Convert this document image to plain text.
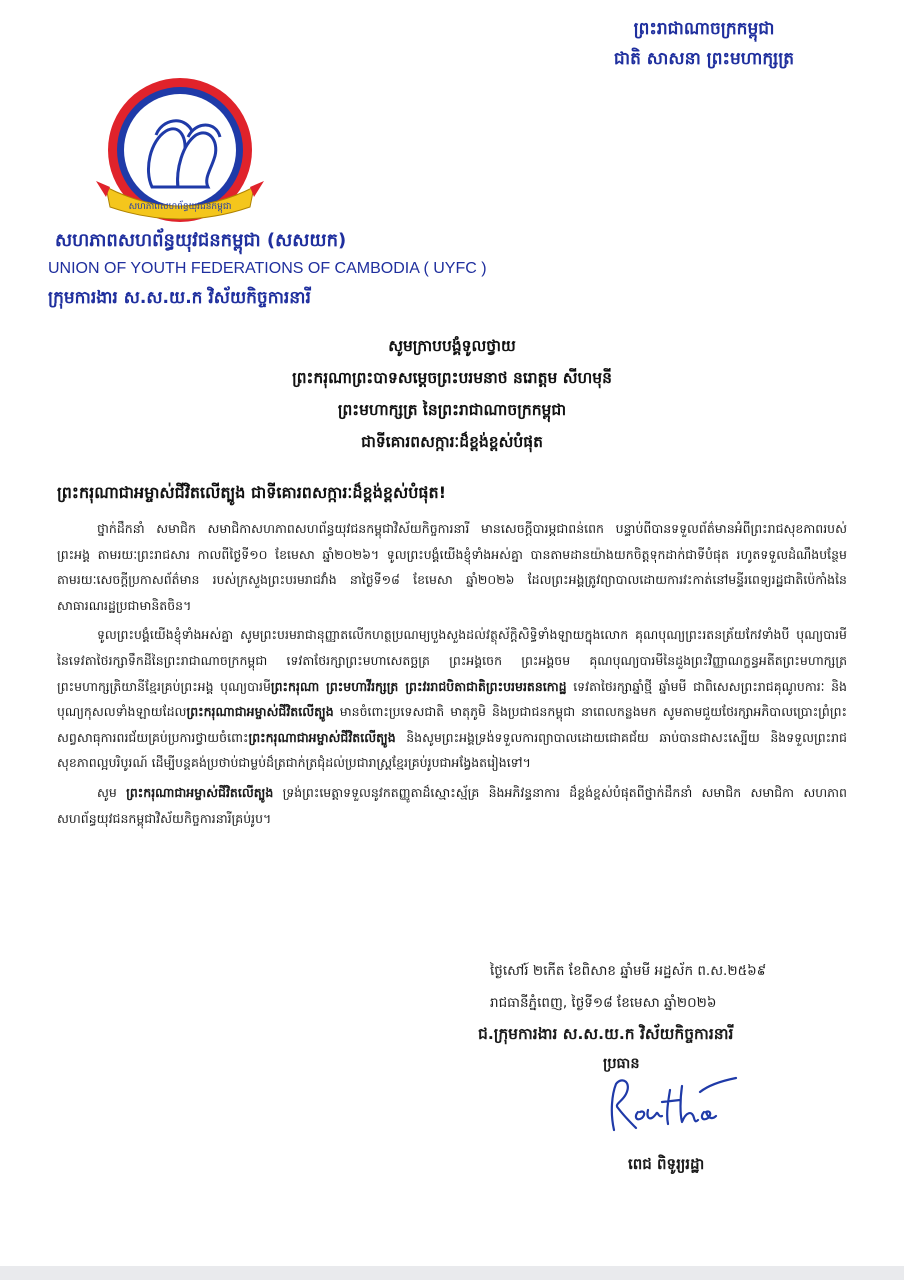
ព្រះរាជាណាចក្រកម្ពុជា
ជាតិ សាសនា ព្រះមហាក្សត្រ
សហភាពសហព័ន្ធយុវជនកម្ពុជា
សហភាពសហព័ន្ធយុវជនកម្ពុជា (សសយក)
UNION OF YOUTH FEDERATIONS OF CAMBODIA ( UYFC )
ក្រុមការងារ ស.ស.យ.ក វិស័យកិច្ចការនារី
សូមក្រាបបង្គំទូលថ្វាយ
ព្រះករុណាព្រះបាទសម្តេចព្រះបរមនាថ នរោត្តម សីហមុនី
ព្រះមហាក្សត្រ នៃព្រះរាជាណាចក្រកម្ពុជា
ជាទីគោរពសក្ការៈដ៏ខ្ពង់ខ្ពស់បំផុត
ព្រះករុណាជាអម្ចាស់ជីវិតលើត្បូង ជាទីគោរពសក្ការៈដ៏ខ្ពង់ខ្ពស់បំផុត!

ថ្នាក់ដឹកនាំ សមាជិក សមាជិកាសហភាពសហព័ន្ធយុវជនកម្ពុជាវិស័យកិច្ចការនារី មានសេចក្តីបារម្ភជាពន់ពេក បន្ទាប់ពីបានទទួលព័ត៌មានអំពីព្រះរាជសុខភាពរបស់ព្រះអង្គ តាមរយៈព្រះរាជសារ កាលពីថ្ងៃទី១០ ខែមេសា ឆ្នាំ២០២៦។ ទូលព្រះបង្គំយើងខ្ញុំទាំងអស់គ្នា បានតាមដានយ៉ាងយកចិត្តទុកដាក់ជាទីបំផុត រហូតទទួលដំណឹងបន្ថែម តាមរយៈសេចក្តីប្រកាសព័ត៌មាន របស់ក្រសួងព្រះបរមរាជវាំង នាថ្ងៃទី១៨ ខែមេសា ឆ្នាំ២០២៦ ដែលព្រះអង្គត្រូវព្យាបាលដោយការវះកាត់នៅមន្ទីរពេទ្យរដ្ឋជាតិប៉េកាំងនៃសាធារណរដ្ឋប្រជាមានិតចិន។

ទូលព្រះបង្គំយើងខ្ញុំទាំងអស់គ្នា សូមព្រះបរមរាជានុញ្ញាតលើកហត្ថប្រណម្យបួងសួងដល់វត្ថុស័ក្តិសិទ្ធិទាំងឡាយក្នុងលោក គុណបុណ្យព្រះរតនត្រ័យកែវទាំងបី បុណ្យបារមីនៃទេវតាថៃរក្សាទឹកដីនៃព្រះរាជាណាចក្រកម្ពុជា ទេវតាថែរក្សាព្រះមហាសេតច្ឆត្រ ព្រះអង្គចេក ព្រះអង្គចម គុណបុណ្យបារមីនៃដួងព្រះវិញ្ញាណក្ខន្ធអតីតព្រះមហាក្សត្រ ព្រះមហាក្សត្រិយានីខ្មែរគ្រប់ព្រះអង្គ បុណ្យបារមីព្រះករុណា ព្រះមហាវីរក្សត្រ ព្រះវររាជបិតាជាតិព្រះបរមរតនកោដ្ឋ ទេវតាថៃរក្សាឆ្នាំថ្មី ឆ្នាំមមី ជាពិសេសព្រះរាជគុណូបការៈ និងបុណ្យកុសលទាំងឡាយដែលព្រះករុណាជាអម្ចាស់ជីវិតលើត្បូង មានចំពោះប្រទេសជាតិ មាតុភូមិ និងប្រជាជនកម្ពុជា នាពេលកន្លងមក សូមតាមជួយថែរក្សាអភិបាលប្រោះព្រំព្រះសព្វសាធុការពរជ័យគ្រប់ប្រការថ្វាយចំពោះព្រះករុណាជាអម្ចាស់ជីវិតលើត្បូង និងសូមព្រះអង្គទ្រង់ទទួលការព្យាបាលដោយជោគជ័យ ឆាប់បានជាសះស្បើយ និងទទួលព្រះរាជសុខភាពល្អបរិបូរណ៍ ដើម្បីបន្តគង់ប្រថាប់ជាម្លប់ដ៏ត្រជាក់ត្រជុំដល់ប្រជារាស្រ្តខ្មែរគ្រប់រូបជាអង្វែងតរៀងទៅ។

សូម ព្រះករុណាជាអម្ចាស់ជីវិតលើត្បូង ទ្រង់ព្រះមេត្តាទទួលនូវកតញ្ញូតាដ៏ស្មោះស្ម័គ្រ និងអភិវន្ទនាការ ដ៏ខ្ពង់ខ្ពស់បំផុតពីថ្នាក់ដឹកនាំ សមាជិក សមាជិកា សហភាពសហព័ន្ធយុវជនកម្ពុជាវិស័យកិច្ចការនារីគ្រប់រូប។

ថ្ងៃសៅរ៍ ២កើត ខែពិសាខ ឆ្នាំមមី អដ្ឋស័ក ព.ស.២៥៦៩
រាជធានីភ្នំពេញ, ថ្ងៃទី១៨ ខែមេសា ឆ្នាំ២០២៦
ជ.ក្រុមការងារ ស.ស.យ.ក វិស័យកិច្ចការនារី
ប្រធាន
ពេជ ពិទូរ្យរដ្ឋា
